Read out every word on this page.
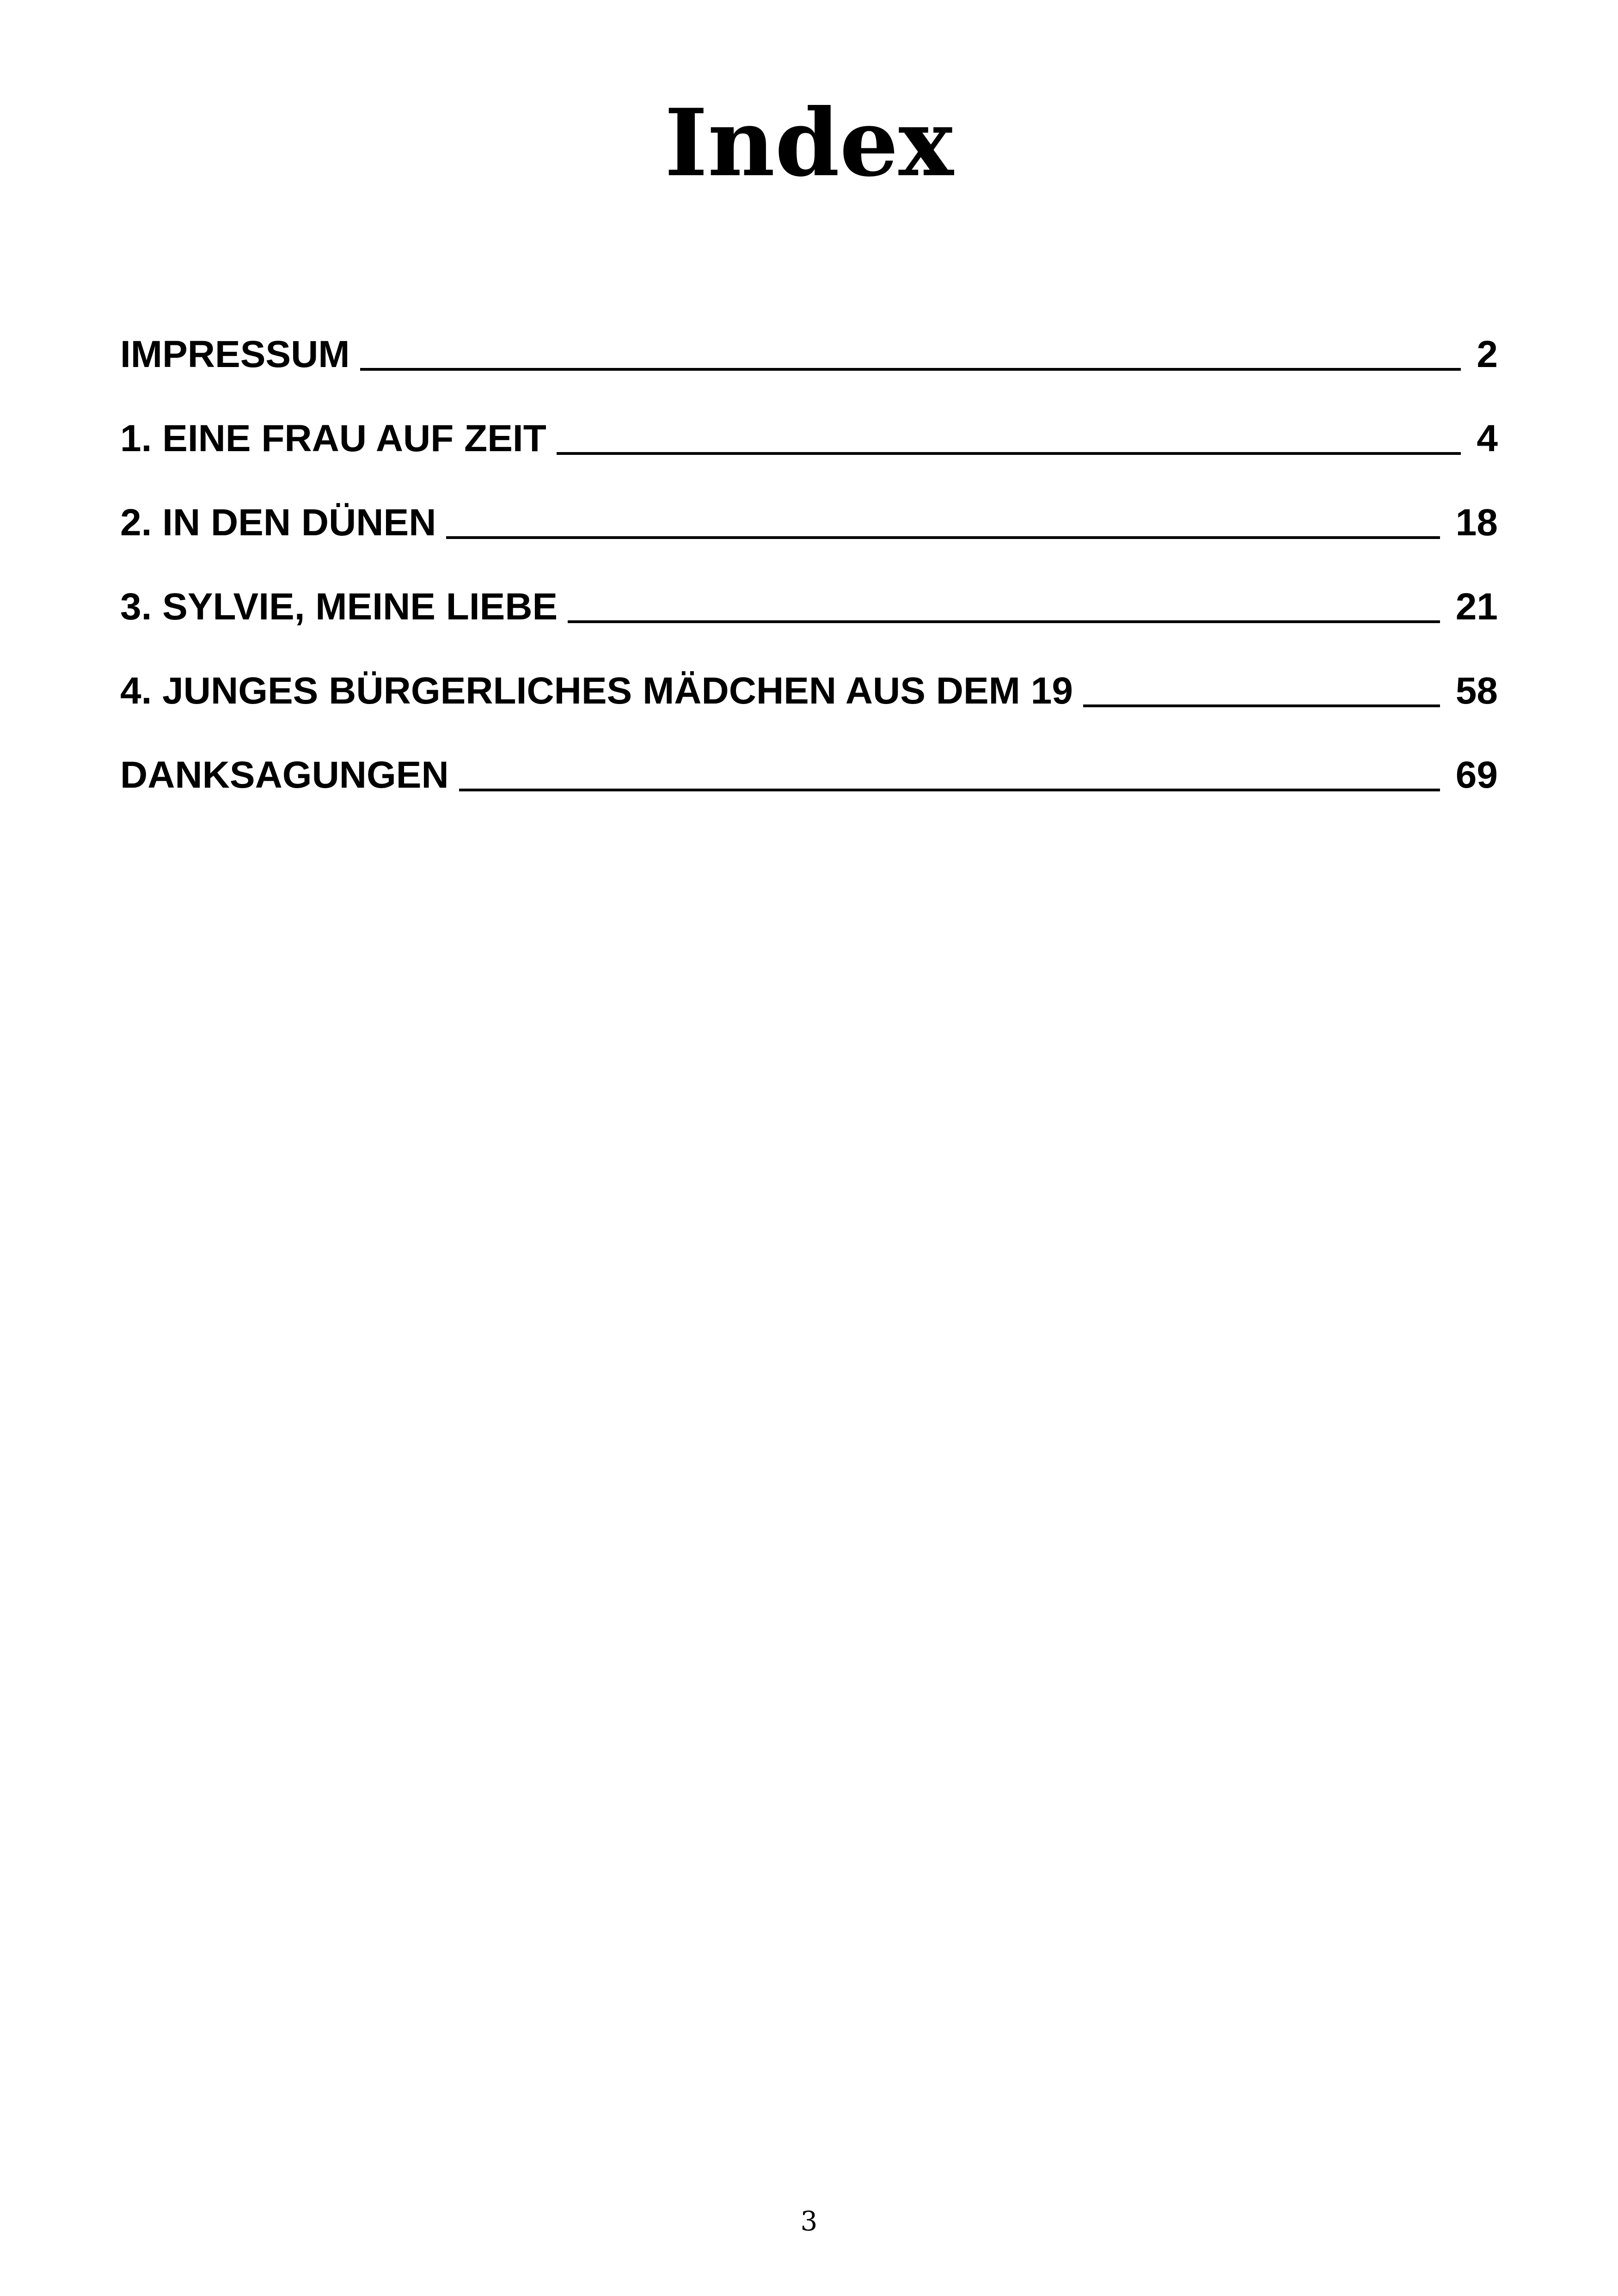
Index
IMPRESSUM	2
1. EINE FRAU AUF ZEIT	4
2. IN DEN DÜNEN	18
3. SYLVIE, MEINE LIEBE	21
4. JUNGES BÜRGERLICHES MÄDCHEN AUS DEM 19	58
DANKSAGUNGEN	69
3
